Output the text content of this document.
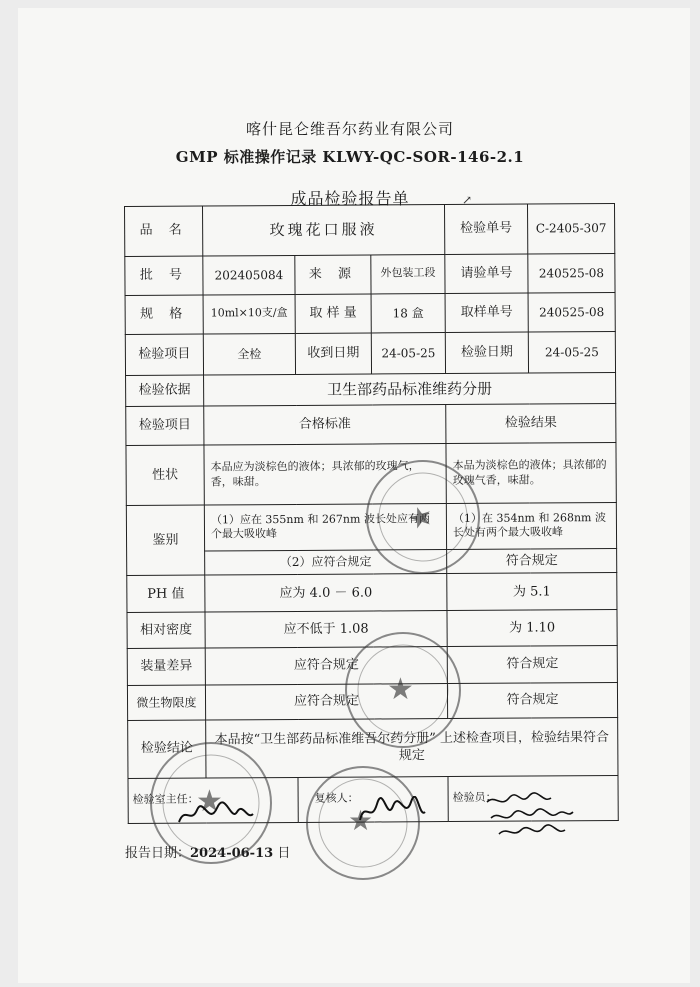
喀什昆仑维吾尔药业有限公司
GMP 标准操作记录 KLWY-QC-SOR-146-2.1
成品检验报告单	↗
品 名	玫瑰花口服液			检验单号	C-2405-307
批 号	202405084	来 源	外包装工段	请验单号	240525-08
规 格	10ml×10支/盒	取 样 量	18 盒	取样单号	240525-08
检验项目	全检	收到日期	24-05-25	检验日期	24-05-25
检验依据	卫生部药品标准维药分册				
检验项目	合格标准			检验结果	
性状	本品应为淡棕色的液体；具浓郁的玫瑰气，香，味甜。			本品为淡棕色的液体；具浓郁的玫瑰气香，味甜。	
鉴别	（1）应在 355nm 和 267nm 波长处应有两个最大吸收峰			（1）在 354nm 和 268nm 波长处有两个最大吸收峰	
	（2）应符合规定			符合规定	
PH 值	应为 4.0 － 6.0			为 5.1	
相对密度	应不低于 1.08			为 1.10	
装量差异	应符合规定			符合规定	
微生物限度	应符合规定			符合规定	
检验结论	本品按“卫生部药品标准维吾尔药分册” 上述检查项目，检验结果符合规定				
检验室主任：		复核人：		检验员：	
报告日期：2024-06-13 日
★
★
★
★
